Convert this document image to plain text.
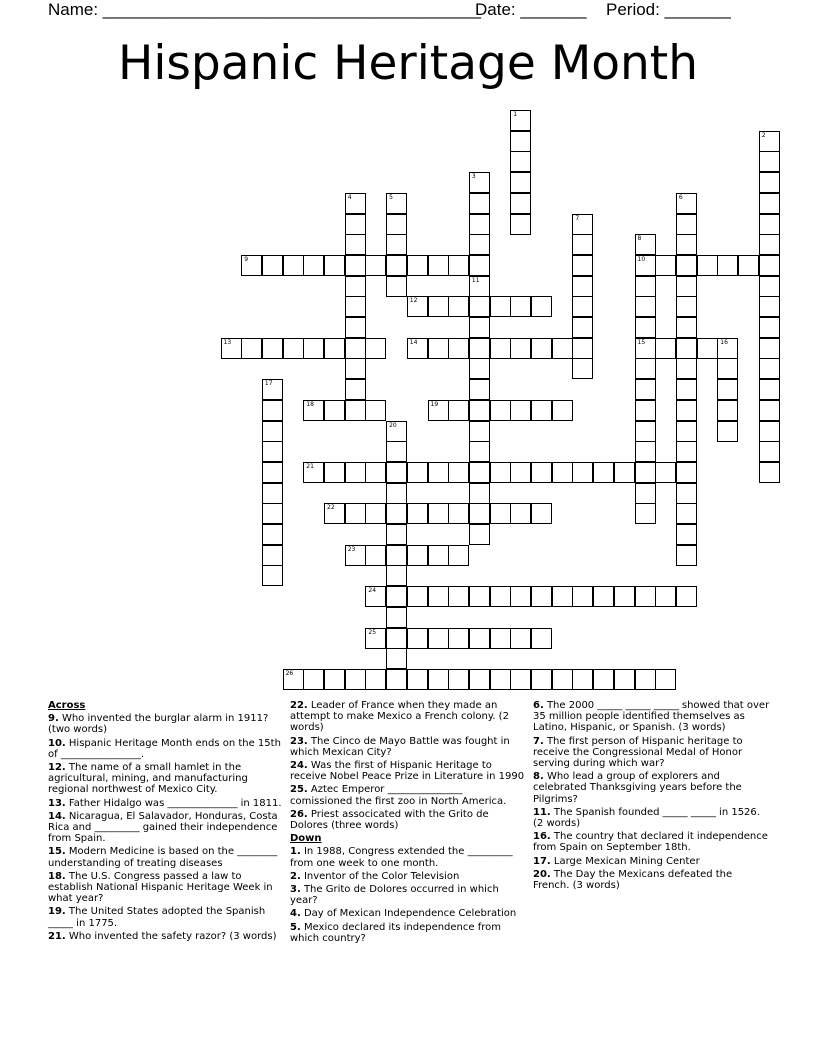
Name: ________________________________________
Date: _______ Period: _______
Hispanic Heritage Month
1
2
3
4	5	6
7
8
10
15
9
11
12
13	14	16
17
18	19
20
21
22
23
24
25
26
Across
9. Who invented the burglar alarm in 1911? (two words)
10. Hispanic Heritage Month ends on the 15th of ________________.
12. The name of a small hamlet in the agricultural, mining, and manufacturing regional northwest of Mexico City.
13. Father Hidalgo was ______________ in 1811.
14. Nicaragua, El Salavador, Honduras, Costa Rica and _________ gained their independence from Spain.
15. Modern Medicine is based on the ________ understanding of treating diseases
18. The U.S. Congress passed a law to establish National Hispanic Heritage Week in what year?
19. The United States adopted the Spanish _____ in 1775.
21. Who invented the safety razor? (3 words)
22. Leader of France when they made an attempt to make Mexico a French colony. (2 words)
23. The Cinco de Mayo Battle was fought in which Mexican City?
24. Was the first of Hispanic Heritage to receive Nobel Peace Prize in Literature in 1990
25. Aztec Emperor _______________ comissioned the first zoo in North America.
26. Priest associcated with the Grito de Dolores (three words)
Down
1. In 1988, Congress extended the _________ from one week to one month.
2. Inventor of the Color Television
3. The Grito de Dolores occurred in which year?
4. Day of Mexican Independence Celebration
5. Mexico declared its independence from which country?
6. The 2000 _____ _____ _____ showed that over 35 million people identified themselves as Latino, Hispanic, or Spanish. (3 words)
7. The first person of Hispanic heritage to receive the Congressional Medal of Honor serving during which war?
8. Who lead a group of explorers and celebrated Thanksgiving years before the Pilgrims?
11. The Spanish founded _____ _____ in 1526. (2 words)
16. The country that declared it independence from Spain on September 18th.
17. Large Mexican Mining Center
20. The Day the Mexicans defeated the French. (3 words)
